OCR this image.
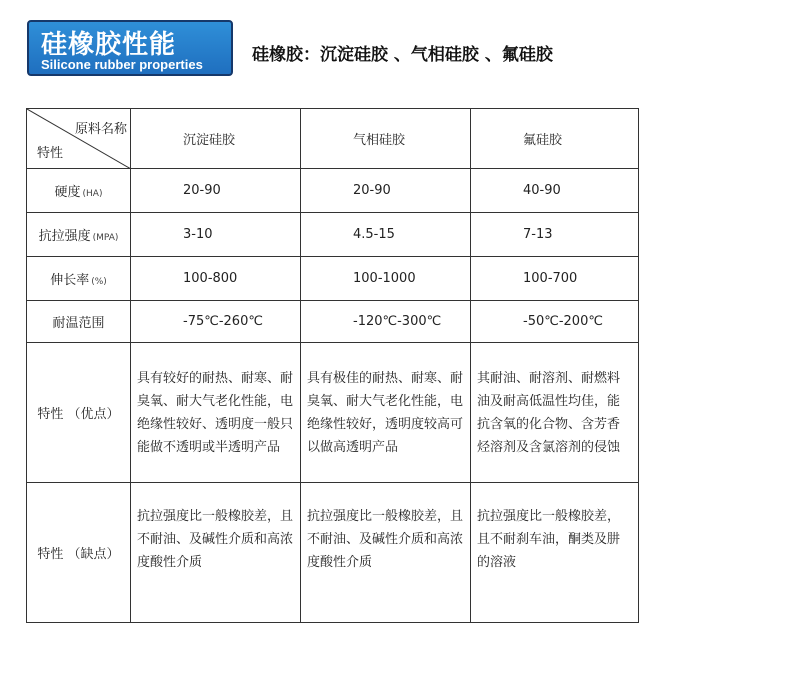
硅橡胶性能
Silicone rubber properties	硅橡胶：沉淀硅胶 、气相硅胶 、氟硅胶
原料名称
特性	沉淀硅胶	气相硅胶	氟硅胶
硬度 (HA)	20-90	20-90	40-90
抗拉强度 (MPA)	3-10	4.5-15	7-13
伸长率 (%)	100-800	100-1000	100-700
耐温范围	-75℃-260℃	-120℃-300℃	-50℃-200℃
特性 （优点）	具有较好的耐热、耐寒、耐臭氧、耐大气老化性能，电绝缘性较好、透明度一般只能做不透明或半透明产品	具有极佳的耐热、耐寒、耐臭氧、耐大气老化性能，电绝缘性较好，透明度较高可以做高透明产品	其耐油、耐溶剂、耐燃料油及耐高低温性均佳，能抗含氧的化合物、含芳香烃溶剂及含氯溶剂的侵蚀
特性 （缺点）	抗拉强度比一般橡胶差，且不耐油、及碱性介质和高浓度酸性介质	抗拉强度比一般橡胶差，且不耐油、及碱性介质和高浓度酸性介质	抗拉强度比一般橡胶差，且不耐刹车油，酮类及肼的溶液
